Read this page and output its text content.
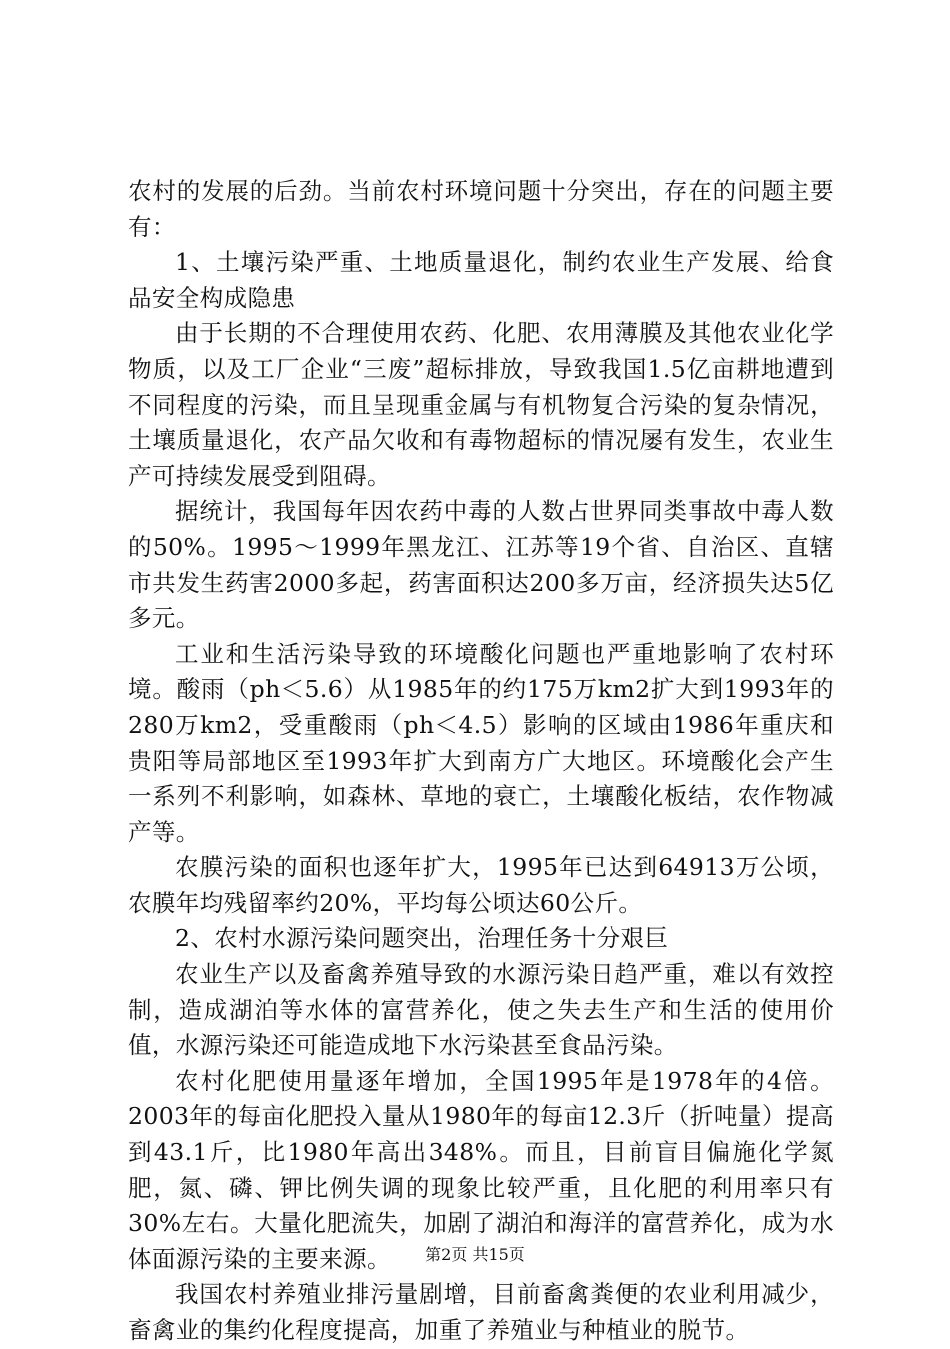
农村的发展的后劲。当前农村环境问题十分突出，存在的问题主要有：

1、土壤污染严重、土地质量退化，制约农业生产发展、给食品安全构成隐患

由于长期的不合理使用农药、化肥、农用薄膜及其他农业化学物质，以及工厂企业“三废”超标排放，导致我国1.5亿亩耕地遭到不同程度的污染，而且呈现重金属与有机物复合污染的复杂情况，土壤质量退化，农产品欠收和有毒物超标的情况屡有发生，农业生产可持续发展受到阻碍。

据统计，我国每年因农药中毒的人数占世界同类事故中毒人数的50%。1995～1999年黑龙江、江苏等19个省、自治区、直辖市共发生药害2000多起，药害面积达200多万亩，经济损失达5亿多元。

工业和生活污染导致的环境酸化问题也严重地影响了农村环境。酸雨（ph＜5.6）从1985年的约175万km2扩大到1993年的280万km2，受重酸雨（ph＜4.5）影响的区域由1986年重庆和贵阳等局部地区至1993年扩大到南方广大地区。环境酸化会产生一系列不利影响，如森林、草地的衰亡，土壤酸化板结，农作物减产等。

农膜污染的面积也逐年扩大，1995年已达到64913万公顷，农膜年均残留率约20%，平均每公顷达60公斤。

2、农村水源污染问题突出，治理任务十分艰巨

农业生产以及畜禽养殖导致的水源污染日趋严重，难以有效控制，造成湖泊等水体的富营养化，使之失去生产和生活的使用价值，水源污染还可能造成地下水污染甚至食品污染。

农村化肥使用量逐年增加，全国1995年是1978年的4倍。2003年的每亩化肥投入量从1980年的每亩12.3斤（折吨量）提高到43.1斤，比1980年高出348%。而且，目前盲目偏施化学氮肥，氮、磷、钾比例失调的现象比较严重，且化肥的利用率只有30%左右。大量化肥流失，加剧了湖泊和海洋的富营养化，成为水体面源污染的主要来源。

我国农村养殖业排污量剧增，目前畜禽粪便的农业利用减少，畜禽业的集约化程度提高，加重了养殖业与种植业的脱节。

第2页 共15页
